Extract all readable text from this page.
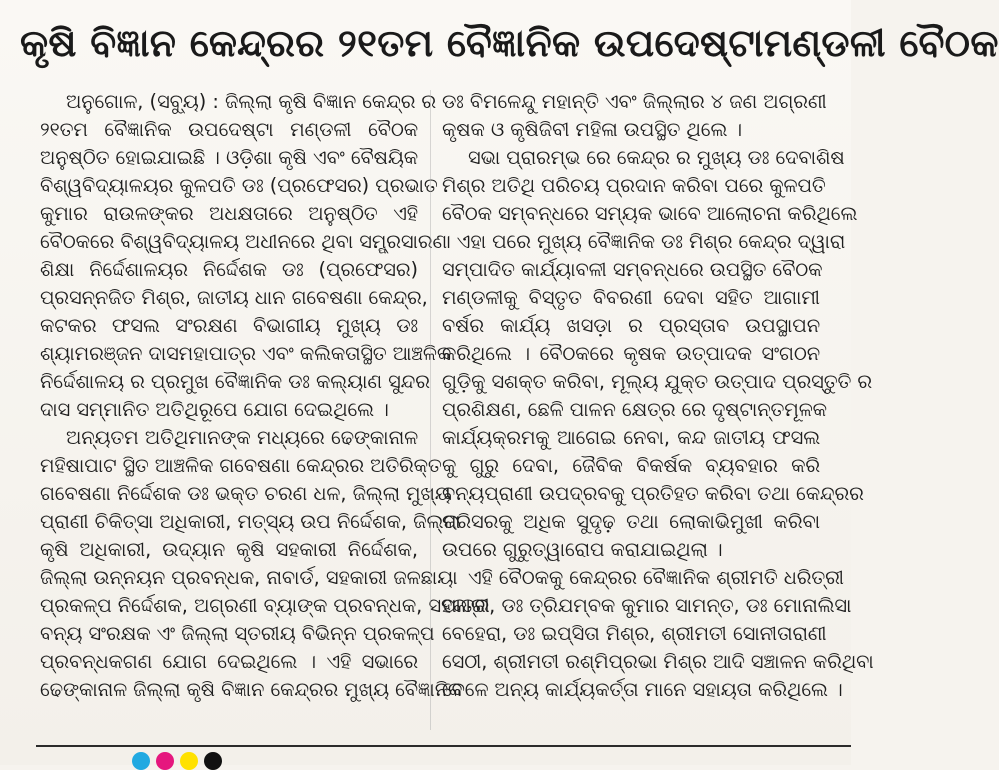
କୃଷି ବିଜ୍ଞାନ କେନ୍ଦ୍ରର ୨୧ତମ ବୈଜ୍ଞାନିକ ଉପଦେଷ୍ଟାମଣ୍ଡଳୀ ବୈଠକ
ଅନୁଗୋଳ, (ସବ୍ୟୁ) : ଜିଲ୍ଲା କୃଷି ବିଜ୍ଞାନ କେନ୍ଦ୍ର ର
୨୧ତମ ବୈଜ୍ଞାନିକ ଉପଦେଷ୍ଟା ମଣ୍ଡଳୀ ବୈଠକ
ଅନୁଷ୍ଠିତ ହୋଇଯାଇଛି । ଓଡ଼ିଶା କୃଷି ଏବଂ ବୈଷୟିକ
ବିଶ୍ୱବିଦ୍ୟାଳୟର କୁଳପତି ଡଃ (ପ୍ରଫେସର) ପ୍ରଭାତ
କୁମାର ରାଉଳଙ୍କର ଅଧକ୍ଷତାରେ ଅନୁଷ୍ଠିତ ଏହି
ବୈଠକରେ ବିଶ୍ୱବିଦ୍ୟାଳୟ ଅଧୀନରେ ଥିବା ସମ୍ପ୍ରସାରଣ
ଶିକ୍ଷା ନିର୍ଦ୍ଦେଶାଳୟର ନିର୍ଦ୍ଦେଶକ ଡଃ (ପ୍ରଫେସର)
ପ୍ରସନ୍ନଜିତ ମିଶ୍ର, ଜାତୀୟ ଧାନ ଗବେଷଣା କେନ୍ଦ୍ର,
କଟକର ଫସଲ ସଂରକ୍ଷଣ ବିଭାଗୀୟ ମୁଖ୍ୟ ଡଃ
ଶ୍ୟାମରଞ୍ଜନ ଦାସମହାପାତ୍ର ଏବଂ କଲିକତାସ୍ଥିତ ଆଞ୍ଚଳିକ
ନିର୍ଦ୍ଦେଶାଳୟ ର ପ୍ରମୁଖ ବୈଜ୍ଞାନିକ ଡଃ କଲ୍ୟାଣ ସୁନ୍ଦର
ଦାସ ସମ୍ମାନିତ ଅତିଥିରୂପେ ଯୋଗ ଦେଇଥିଲେ ।
ଅନ୍ୟତମ ଅତିଥିମାନଙ୍କ ମଧ୍ୟରେ ଢେଙ୍କାନାଳ
ମହିଷାପାଟ ସ୍ଥିତ ଆଞ୍ଚଳିକ ଗବେଷଣା କେନ୍ଦ୍ରର ଅତିରିକ୍ତ
ଗବେଷଣା ନିର୍ଦ୍ଦେଶକ ଡଃ ଭକ୍ତ ଚରଣ ଧଳ, ଜିଲ୍ଲା ମୁଖ୍ୟ
ପ୍ରାଣୀ ଚିକିତ୍ସା ଅଧିକାରୀ, ମତ୍ସ୍ୟ ଉପ ନିର୍ଦ୍ଦେଶକ, ଜିଲ୍ଲା
କୃଷି ଅଧିକାରୀ, ଉଦ୍ୟାନ କୃଷି ସହକାରୀ ନିର୍ଦ୍ଦେଶକ,
ଜିଲ୍ଲା ଉନ୍ନୟନ ପ୍ରବନ୍ଧକ, ନାବାର୍ଡ, ସହକାରୀ ଜଳଛାୟା
ପ୍ରକଳ୍ପ ନିର୍ଦ୍ଦେଶକ, ଅଗ୍ରଣୀ ବ୍ୟାଙ୍କ ପ୍ରବନ୍ଧକ, ସହକାରୀ
ବନ୍ୟ ସଂରକ୍ଷକ ଏଂ ଜିଲ୍ଲା ସ୍ତରୀୟ ବିଭିନ୍ନ ପ୍ରକଳ୍ପ
ପ୍ରବନ୍ଧକଗଣ ଯୋଗ ଦେଇଥିଲେ । ଏହି ସଭାରେ
ଢେଙ୍କାନାଳ ଜିଲ୍ଲା କୃଷି ବିଜ୍ଞାନ କେନ୍ଦ୍ରର ମୁଖ୍ୟ ବୈଜ୍ଞାନିକ
ଡଃ ବିମଳେନ୍ଦୁ ମହାନ୍ତି ଏବଂ ଜିଲ୍ଲାର ୪ ଜଣ ଅଗ୍ରଣୀ
କୃଷକ ଓ କୃଷିଜିବୀ ମହିଳା ଉପସ୍ଥିତ ଥିଲେ ।
ସଭା ପ୍ରାରମ୍ଭ ରେ କେନ୍ଦ୍ର ର ମୁଖ୍ୟ ଡଃ ଦେବାଶିଷ
ମିଶ୍ର ଅତିଥି ପରିଚୟ ପ୍ରଦାନ କରିବା ପରେ କୁଳପତି
ବୈଠକ ସମ୍ବନ୍ଧରେ ସମ୍ୟକ ଭାବେ ଆଲୋଚନା କରିଥିଲେ
। ଏହା ପରେ ମୁଖ୍ୟ ବୈଜ୍ଞାନିକ ଡଃ ମିଶ୍ର କେନ୍ଦ୍ର ଦ୍ୱାରା
ସମ୍ପାଦିତ କାର୍ଯ୍ୟାବଳୀ ସମ୍ବନ୍ଧରେ ଉପସ୍ଥିତ ବୈଠକ
ମଣ୍ଡଳୀକୁ ବିସ୍ତୃତ ବିବରଣୀ ଦେବା ସହିତ ଆଗାମୀ
ବର୍ଷର କାର୍ଯ୍ୟ ଖସଡ଼ା ର ପ୍ରସ୍ତାବ ଉପସ୍ଥାପନ
କରିଥିଲେ । ବୈଠକରେ କୃଷକ ଉତ୍ପାଦକ ସଂଗଠନ
ଗୁଡ଼ିକୁ ସଶକ୍ତ କରିବା, ମୂଲ୍ୟ ଯୁକ୍ତ ଉତ୍ପାଦ ପ୍ରସ୍ତୁତି ର
ପ୍ରଶିକ୍ଷଣ, ଛେଳି ପାଳନ କ୍ଷେତ୍ର ରେ ଦୃଷ୍ଟାନ୍ତମୂଳକ
କାର୍ଯ୍ୟକ୍ରମକୁ ଆଗେଇ ନେବା, କନ୍ଦ ଜାତୀୟ ଫସଲ
କୁ ଗୁରୁ ଦେବା, ଜୈବିକ ବିକର୍ଷକ ବ୍ୟବହାର କରି
ବନ୍ୟପ୍ରାଣୀ ଉପଦ୍ରବକୁ ପ୍ରତିହତ କରିବା ତଥା କେନ୍ଦ୍ରର
ପରିସରକୁ ଅଧିକ ସୁଦୃଢ଼ ତଥା ଲୋକାଭିମୁଖୀ କରିବା
ଉପରେ ଗୁରୁତ୍ୱାରୋପ କରାଯାଇଥିଲା ।
ଏହି ବୈଠକକୁ କେନ୍ଦ୍ରର ବୈଜ୍ଞାନିକ ଶ୍ରୀମତି ଧରିତ୍ରୀ
ପାତ୍ର, ଡଃ ତ୍ରିଯମ୍ବକ କୁମାର ସାମନ୍ତ, ଡଃ ମୋନାଲିସା
ବେହେରା, ଡଃ ଇପ୍ସିତା ମିଶ୍ର, ଶ୍ରୀମତୀ ସୋନୀତାରାଣୀ
ସେଠୀ, ଶ୍ରୀମତୀ ରଶ୍ମିପ୍ରଭା ମିଶ୍ର ଆଦି ସଞ୍ଚାଳନ କରିଥିବା
ବେଳେ ଅନ୍ୟ କାର୍ଯ୍ୟକର୍ତ୍ତା ମାନେ ସହାୟତା କରିଥିଲେ ।
